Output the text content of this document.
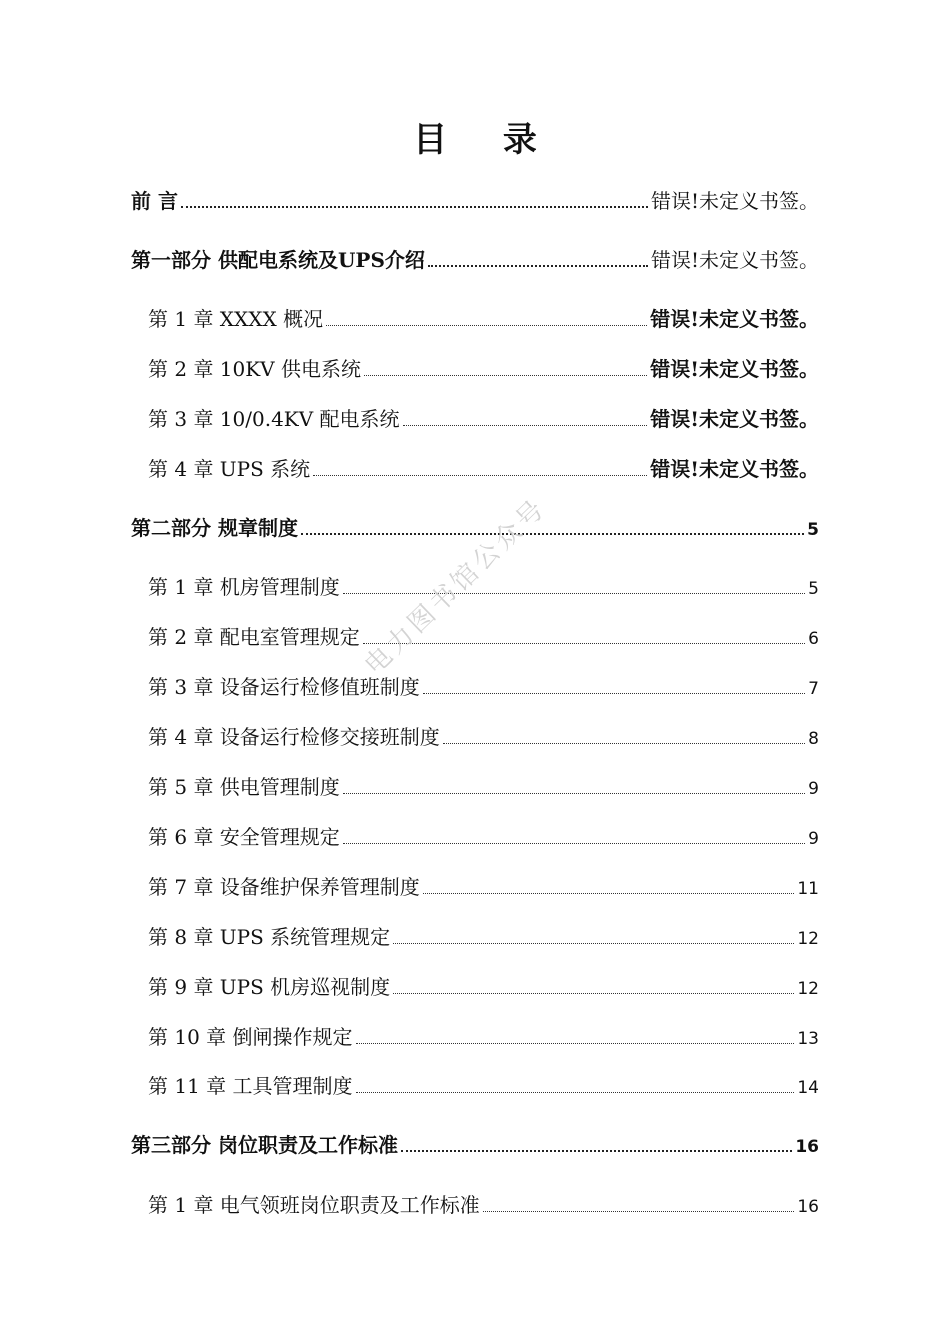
目 录
前 言	错误!未定义书签。
第一部分 供配电系统及UPS介绍	错误!未定义书签。
第 1 章 XXXX 概况	错误!未定义书签。
第 2 章 10KV 供电系统	错误!未定义书签。
第 3 章 10/0.4KV 配电系统	错误!未定义书签。
第 4 章 UPS 系统	错误!未定义书签。
第二部分 规章制度	5
第 1 章 机房管理制度	5
第 2 章 配电室管理规定	6
第 3 章 设备运行检修值班制度	7
第 4 章 设备运行检修交接班制度	8
第 5 章 供电管理制度	9
第 6 章 安全管理规定	9
第 7 章 设备维护保养管理制度	11
第 8 章 UPS 系统管理规定	12
第 9 章 UPS 机房巡视制度	12
第 10 章 倒闸操作规定	13
第 11 章 工具管理制度	14
第三部分 岗位职责及工作标准	16
第 1 章 电气领班岗位职责及工作标准	16
电力图书馆公众号
